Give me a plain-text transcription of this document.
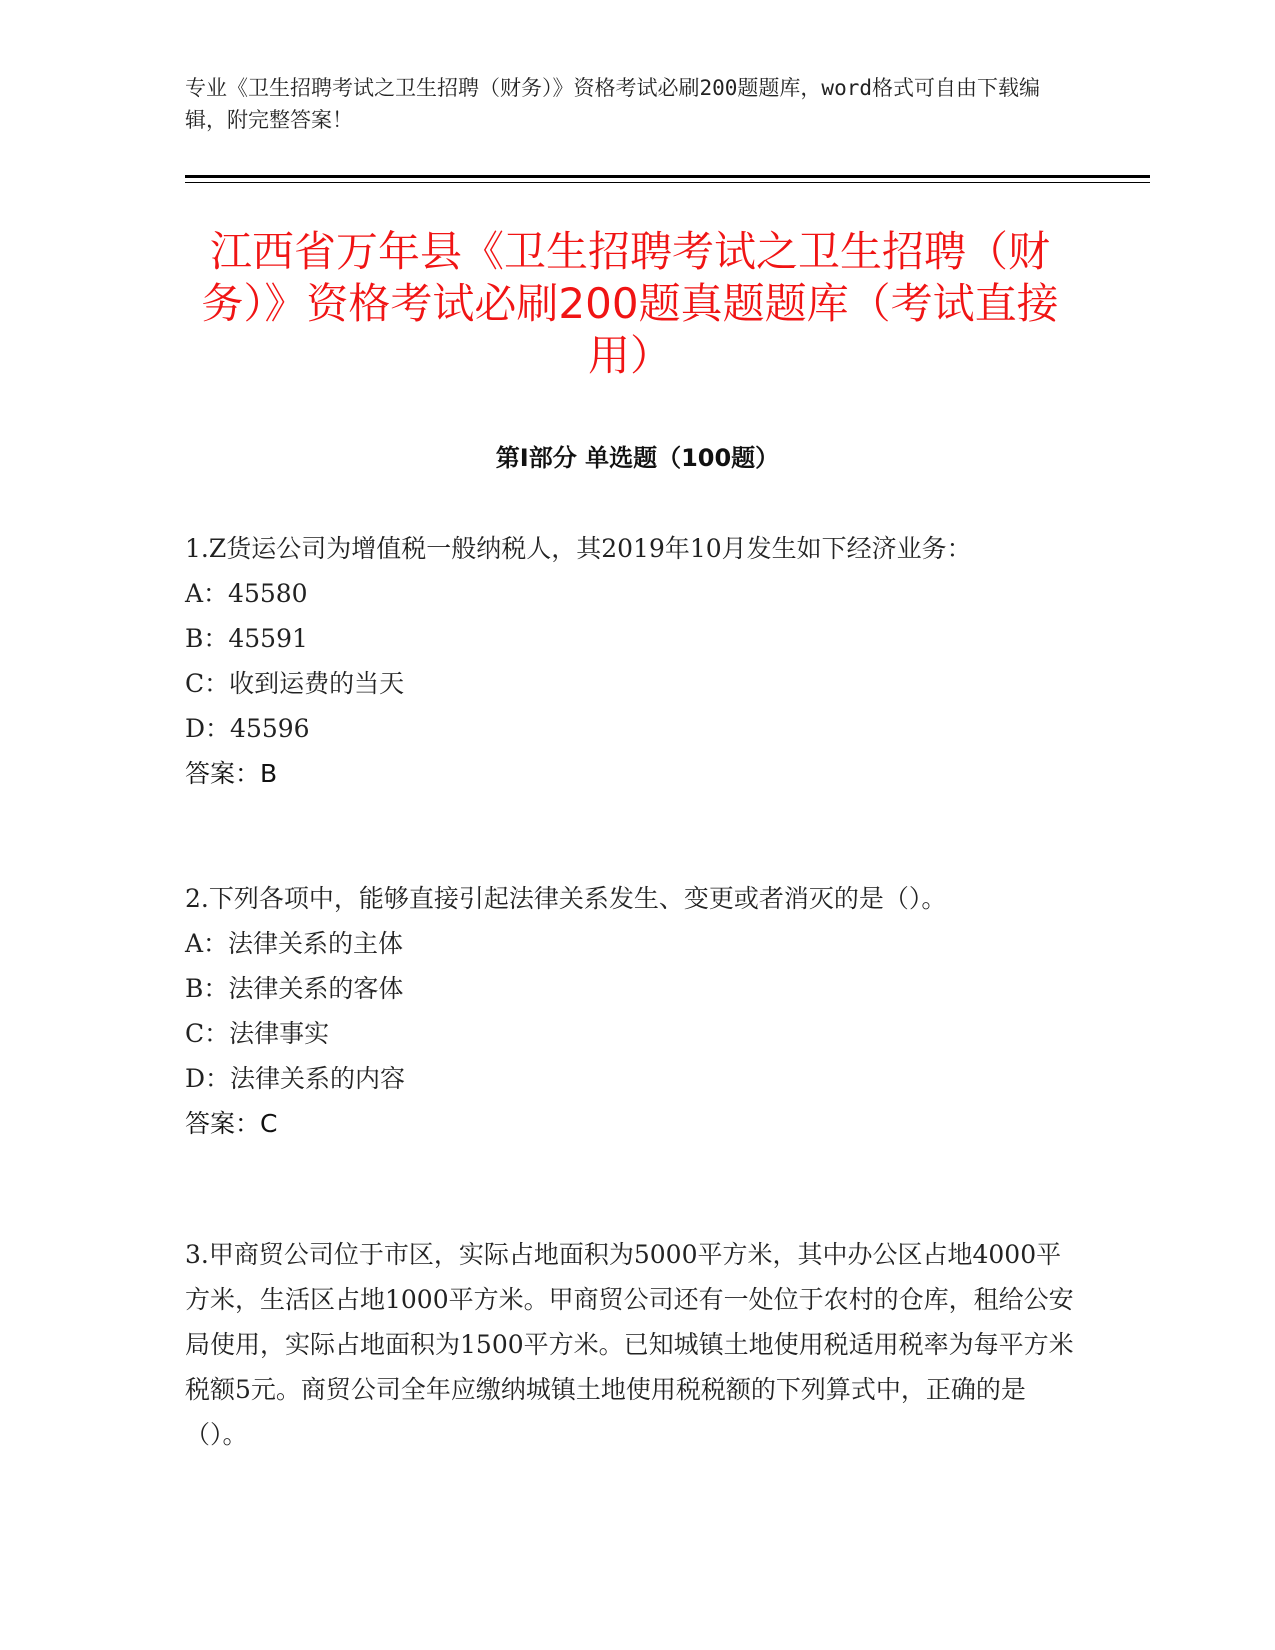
专业《卫生招聘考试之卫生招聘（财务）》资格考试必刷200题题库，word格式可自由下载编辑，附完整答案！
江西省万年县《卫生招聘考试之卫生招聘（财务）》资格考试必刷200题真题题库（考试直接用）
第I部分 单选题（100题）

1.Z货运公司为增值税一般纳税人，其2019年10月发生如下经济业务：

A：45580

B：45591

C：收到运费的当天

D：45596

答案：B

2.下列各项中，能够直接引起法律关系发生、变更或者消灭的是（）。

A：法律关系的主体

B：法律关系的客体

C：法律事实

D：法律关系的内容

答案：C

3.甲商贸公司位于市区，实际占地面积为5000平方米，其中办公区占地4000平方米，生活区占地1000平方米。甲商贸公司还有一处位于农村的仓库，租给公安局使用，实际占地面积为1500平方米。已知城镇土地使用税适用税率为每平方米税额5元。商贸公司全年应缴纳城镇土地使用税税额的下列算式中，正确的是（）。
